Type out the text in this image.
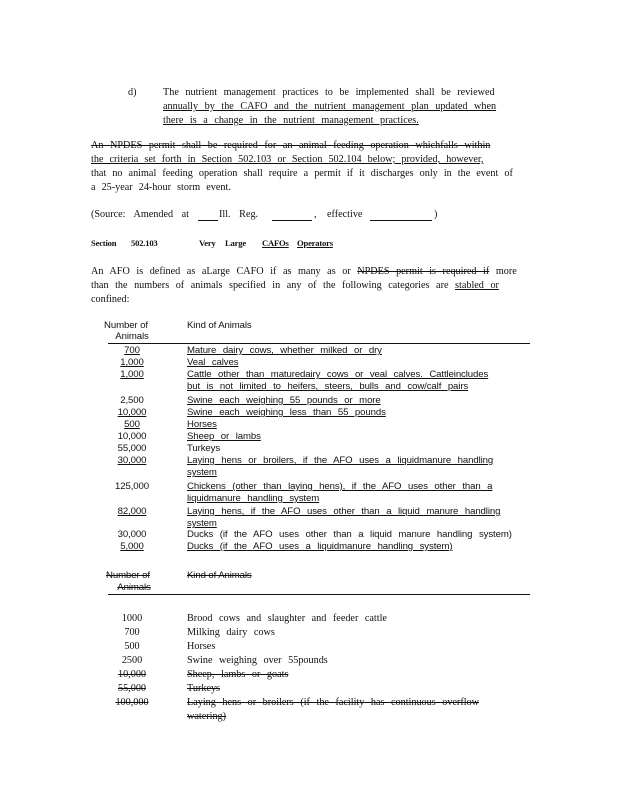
d)	The nutrient management practices to be implemented shall be reviewed
annually by the CAFO and the nutrient management plan updated when
there is a change in the nutrient management practices.
An NPDES permit shall be required for an animal feeding operation whichfalls within
the criteria set forth in Section 502.103 or Section 502.104 below; provided, however,
that no animal feeding operation shall require a permit if it discharges only in the event of
a 25-year 24-hour storm event.
(Source: Amended at	Ill. Reg.	, effective	)
Section 502.103	Very Large CAFOs Operators
An AFO is defined as aLarge CAFO if as many as or NPDES permit is required if more
than the numbers of animals specified in any of the following categories are stabled or
confined:
Number of
Animals
Kind of Animals
700	Mature dairy cows, whether milked or dry
1,000	Veal calves
1,000	Cattle other than maturedairy cows or veal calves. Cattleincludes
but is not limited to heifers, steers, bulls and cow/calf pairs
2,500	Swine each weighing 55 pounds or more
10,000	Swine each weighing less than 55 pounds
500	Horses
10,000	Sheep or lambs
55,000	Turkeys
30,000	Laying hens or broilers, if the AFO uses a liquidmanure handling
system
125,000	Chickens (other than laying hens), if the AFO uses other than a
liquidmanure handling system
82,000	Laying hens, if the AFO uses other than a liquid manure handling
system
30,000	Ducks (if the AFO uses other than a liquid manure handling system)
5,000	Ducks (if the AFO uses a liquidmanure handling system)
Number of
Animals
Kind of Animals
1000	Brood cows and slaughter and feeder cattle
700	Milking dairy cows
500	Horses
2500	Swine weighing over 55pounds
10,000	Sheep, lambs or goats
55,000	Turkeys
100,000	Laying hens or broilers (if the facility has continuous overflow
watering)
